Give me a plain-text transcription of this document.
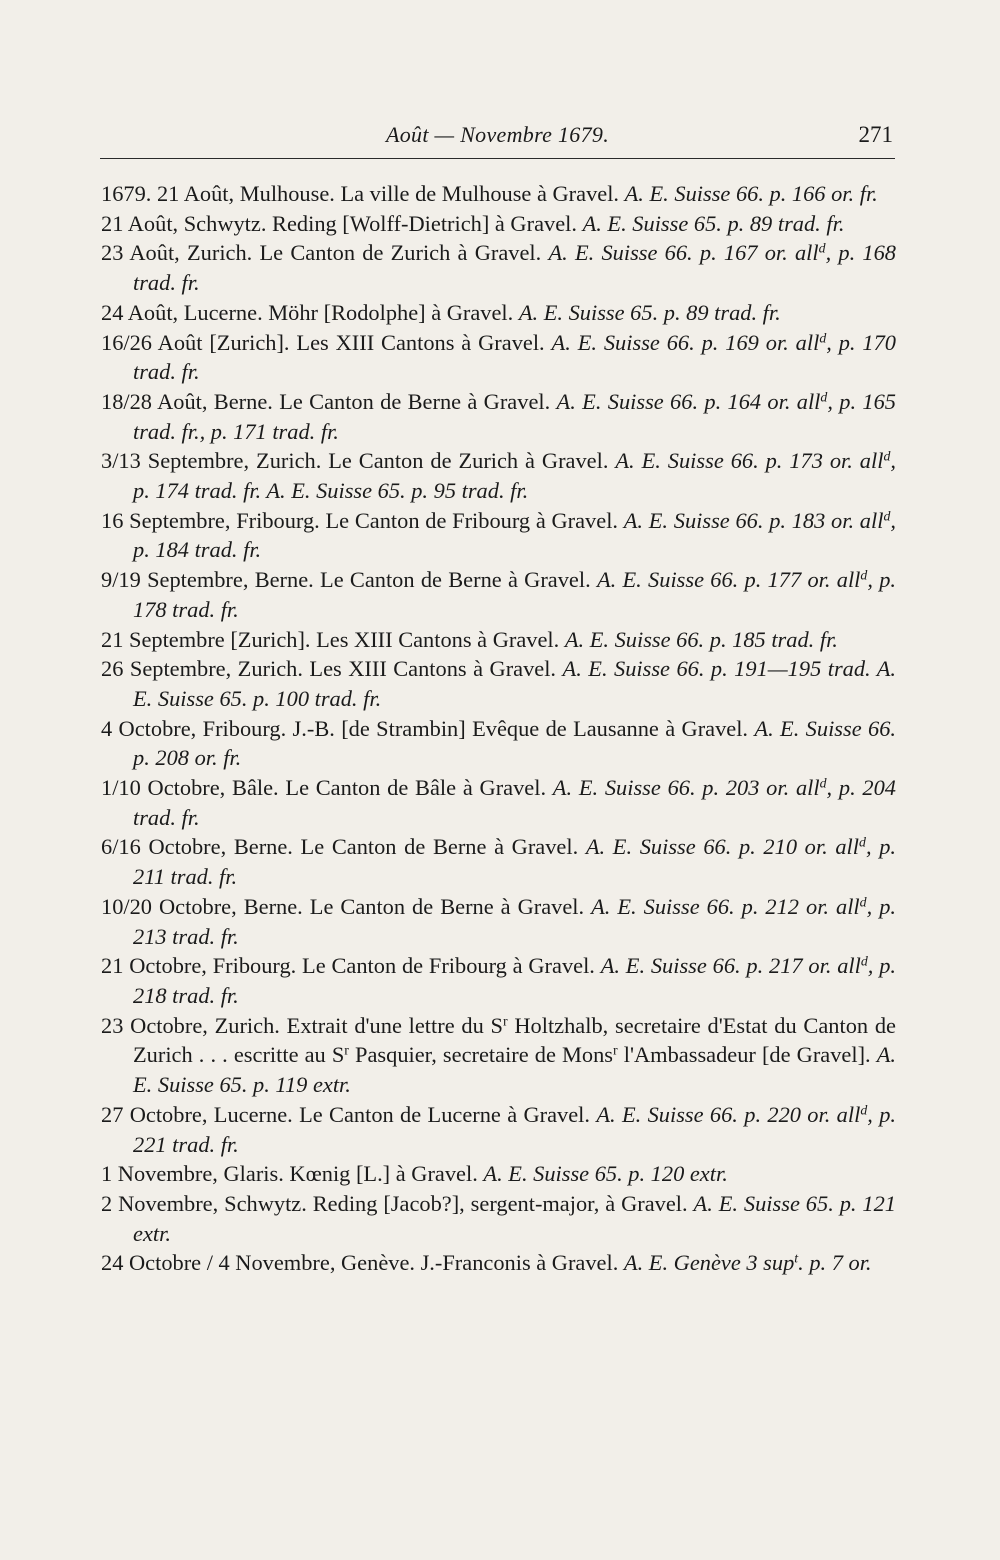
Août — Novembre 1679.	271

1679. 21 Août, Mulhouse. La ville de Mulhouse à Gravel. A. E. Suisse 66. p. 166 or. fr.

21 Août, Schwytz. Reding [Wolff-Dietrich] à Gravel. A. E. Suisse 65. p. 89 trad. fr.

23 Août, Zurich. Le Canton de Zurich à Gravel. A. E. Suisse 66. p. 167 or. all$^d$, p. 168 trad. fr.

24 Août, Lucerne. Möhr [Rodolphe] à Gravel. A. E. Suisse 65. p. 89 trad. fr.

16/26 Août [Zurich]. Les XIII Cantons à Gravel. A. E. Suisse 66. p. 169 or. all$^d$, p. 170 trad. fr.

18/28 Août, Berne. Le Canton de Berne à Gravel. A. E. Suisse 66. p. 164 or. all$^d$, p. 165 trad. fr., p. 171 trad. fr.

3/13 Septembre, Zurich. Le Canton de Zurich à Gravel. A. E. Suisse 66. p. 173 or. all$^d$, p. 174 trad. fr. A. E. Suisse 65. p. 95 trad. fr.

16 Septembre, Fribourg. Le Canton de Fribourg à Gravel. A. E. Suisse 66. p. 183 or. all$^d$, p. 184 trad. fr.

9/19 Septembre, Berne. Le Canton de Berne à Gravel. A. E. Suisse 66. p. 177 or. all$^d$, p. 178 trad. fr.

21 Septembre [Zurich]. Les XIII Cantons à Gravel. A. E. Suisse 66. p. 185 trad. fr.

26 Septembre, Zurich. Les XIII Cantons à Gravel. A. E. Suisse 66. p. 191—195 trad. A. E. Suisse 65. p. 100 trad. fr.

4 Octobre, Fribourg. J.-B. [de Strambin] Evêque de Lausanne à Gravel. A. E. Suisse 66. p. 208 or. fr.

1/10 Octobre, Bâle. Le Canton de Bâle à Gravel. A. E. Suisse 66. p. 203 or. all$^d$, p. 204 trad. fr.

6/16 Octobre, Berne. Le Canton de Berne à Gravel. A. E. Suisse 66. p. 210 or. all$^d$, p. 211 trad. fr.

10/20 Octobre, Berne. Le Canton de Berne à Gravel. A. E. Suisse 66. p. 212 or. all$^d$, p. 213 trad. fr.

21 Octobre, Fribourg. Le Canton de Fribourg à Gravel. A. E. Suisse 66. p. 217 or. all$^d$, p. 218 trad. fr.

23 Octobre, Zurich. Extrait d'une lettre du $S^r$ Holtzhalb, secretaire d'Estat du Canton de Zurich . . . escritte au $S^r$ Pasquier, secretaire de Mons$^r$ l'Ambassadeur [de Gravel]. A. E. Suisse 65. p. 119 extr.

27 Octobre, Lucerne. Le Canton de Lucerne à Gravel. A. E. Suisse 66. p. 220 or. all$^d$, p. 221 trad. fr.

1 Novembre, Glaris. Kœnig [L.] à Gravel. A. E. Suisse 65. p. 120 extr.

2 Novembre, Schwytz. Reding [Jacob?], sergent-major, à Gravel. A. E. Suisse 65. p. 121 extr.

24 Octobre / 4 Novembre, Genève. J.-Franconis à Gravel. A. E. Genève 3 sup$^t$. p. 7 or.
